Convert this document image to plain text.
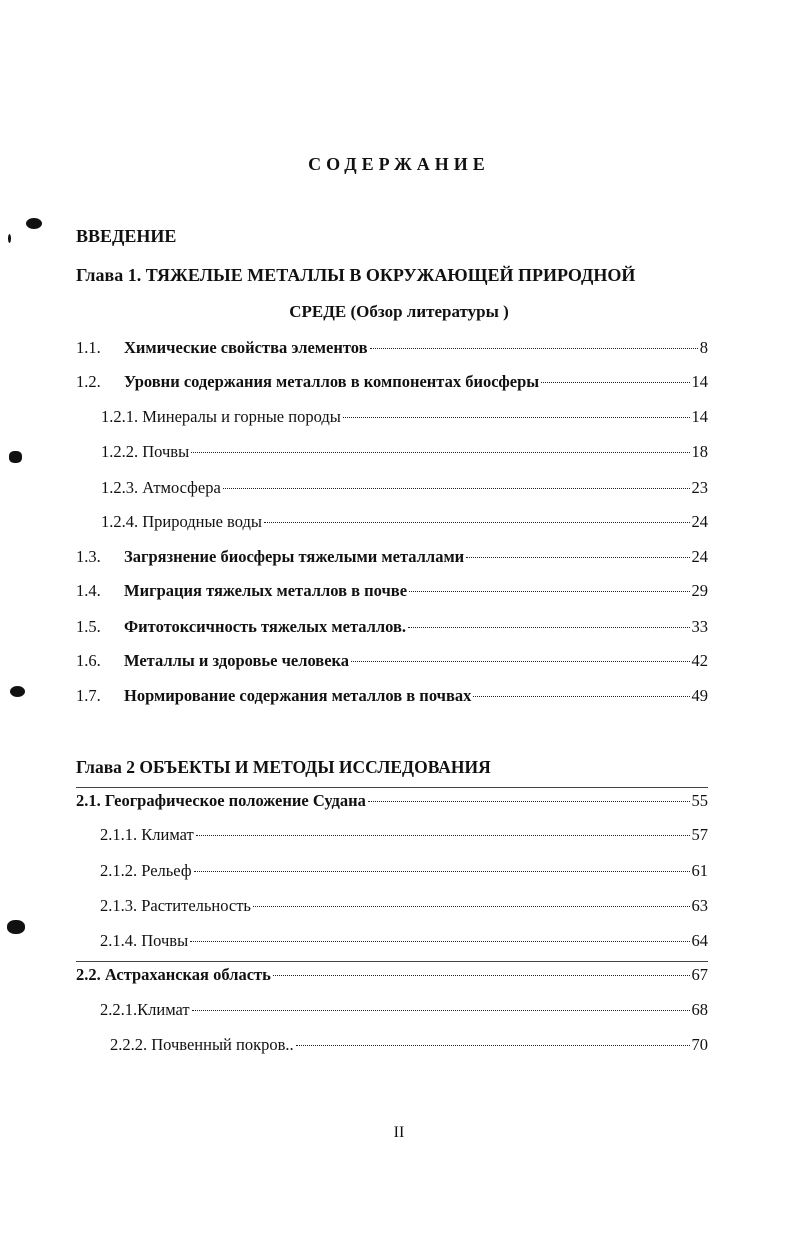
СОДЕРЖАНИЕ
ВВЕДЕНИЕ
Глава 1. ТЯЖЕЛЫЕ МЕТАЛЛЫ В ОКРУЖАЮЩЕЙ ПРИРОДНОЙ
СРЕДЕ (Обзор литературы )
1.1.	Химические свойства элементов	8
1.2.	Уровни содержания металлов в компонентах биосферы	14
1.2.1. Минералы и горные породы	14
1.2.2. Почвы	18
1.2.3. Атмосфера	23
1.2.4. Природные воды	24
1.3.	Загрязнение биосферы тяжелыми металлами	24
1.4.	Миграция тяжелых металлов в почве	29
1.5.	Фитотоксичность тяжелых металлов.	33
1.6.	Металлы и здоровье человека	42
1.7.	Нормирование содержания металлов в почвах	49
Глава 2 ОБЪЕКТЫ И МЕТОДЫ ИССЛЕДОВАНИЯ
2.1. Географическое положение Судана	55
2.1.1. Климат	57
2.1.2. Рельеф	61
2.1.3. Растительность	63
2.1.4. Почвы	64
2.2. Астраханская область	67
2.2.1.Климат	68
2.2.2. Почвенный покров..	70
II
